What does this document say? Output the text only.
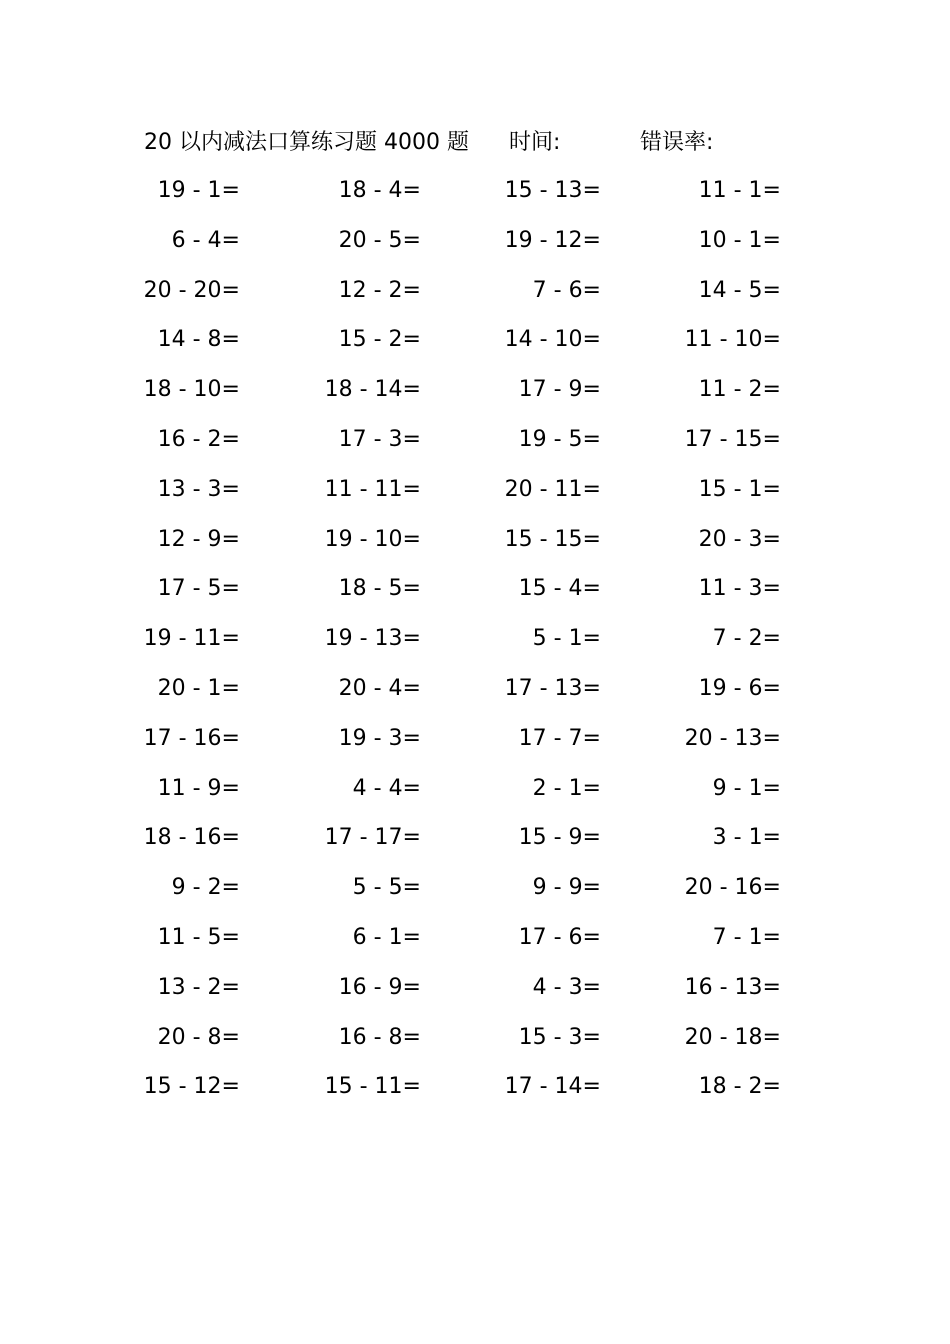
20 以内减法口算练习题 4000 题 时间:	错误率:
19 - 1=	18 - 4=	15 - 13=	11 - 1=
6 - 4=	20 - 5=	19 - 12=	10 - 1=
20 - 20=	12 - 2=	7 - 6=	14 - 5=
14 - 8=	15 - 2=	14 - 10=	11 - 10=
18 - 10=	18 - 14=	17 - 9=	11 - 2=
16 - 2=	17 - 3=	19 - 5=	17 - 15=
13 - 3=	11 - 11=	20 - 11=	15 - 1=
12 - 9=	19 - 10=	15 - 15=	20 - 3=
17 - 5=	18 - 5=	15 - 4=	11 - 3=
19 - 11=	19 - 13=	5 - 1=	7 - 2=
20 - 1=	20 - 4=	17 - 13=	19 - 6=
17 - 16=	19 - 3=	17 - 7=	20 - 13=
11 - 9=	4 - 4=	2 - 1=	9 - 1=
18 - 16=	17 - 17=	15 - 9=	3 - 1=
9 - 2=	5 - 5=	9 - 9=	20 - 16=
11 - 5=	6 - 1=	17 - 6=	7 - 1=
13 - 2=	16 - 9=	4 - 3=	16 - 13=
20 - 8=	16 - 8=	15 - 3=	20 - 18=
15 - 12=	15 - 11=	17 - 14=	18 - 2=
